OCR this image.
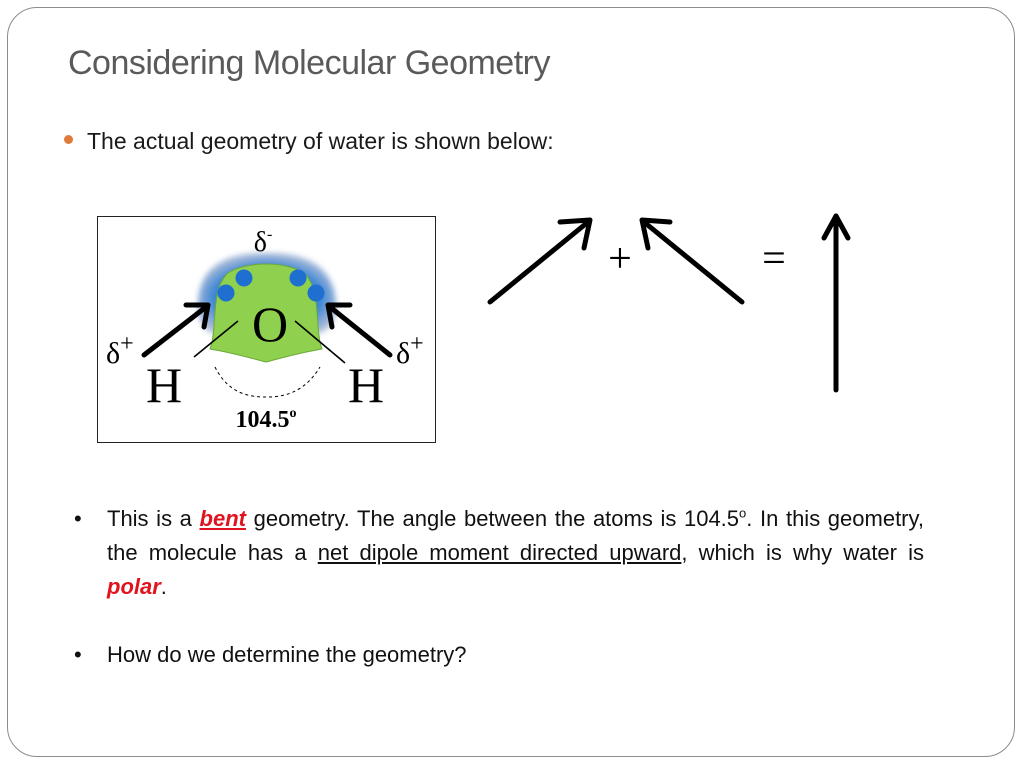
Considering Molecular Geometry
The actual geometry of water is shown below:
δ-
O
δ+	δ+
H	H
$104.5^o$
+	=
•	This is a bent geometry. The angle between the atoms is 104.5$^o$. In this geometry, the molecule has a net dipole moment directed upward, which is why water is polar.
•	How do we determine the geometry?
